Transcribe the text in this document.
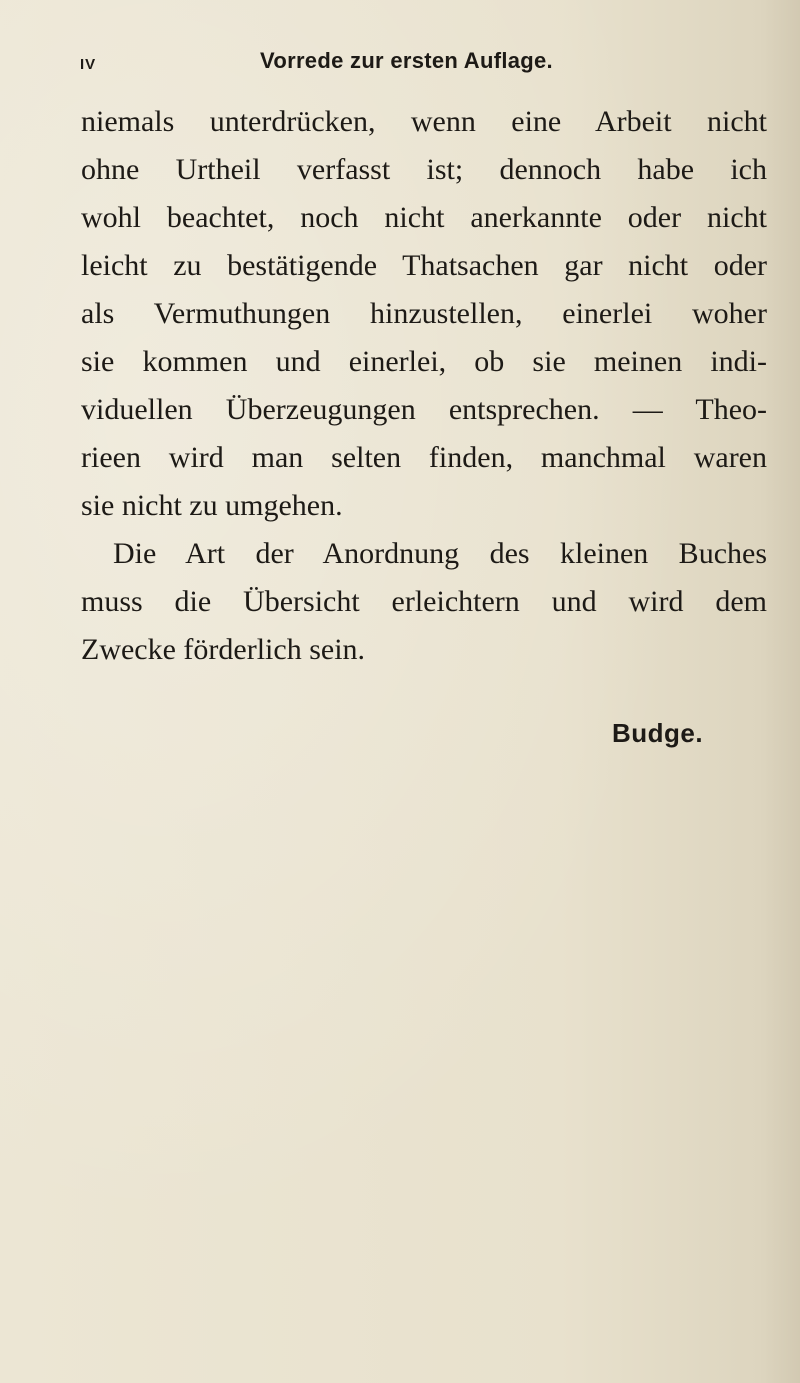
IV	Vorrede zur ersten Auflage.
niemals unterdrücken, wenn eine Arbeit nicht
ohne Urtheil verfasst ist; dennoch habe ich
wohl beachtet, noch nicht anerkannte oder nicht
leicht zu bestätigende Thatsachen gar nicht oder
als Vermuthungen hinzustellen, einerlei woher
sie kommen und einerlei, ob sie meinen indi-
viduellen Überzeugungen entsprechen. — Theo-
rieen wird man selten finden, manchmal waren
sie nicht zu umgehen.
Die Art der Anordnung des kleinen Buches
muss die Übersicht erleichtern und wird dem
Zwecke förderlich sein.
Budge.
